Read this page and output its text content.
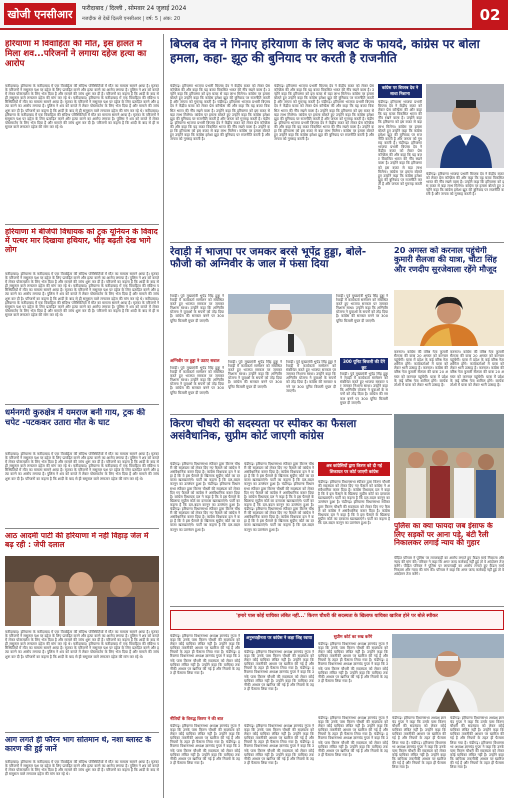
खोजी एनसीआर	फरीदाबाद / दिल्ली , सोमवार 24 जुलाई 2024
नजदीक से देखें दिल्ली एनसीआर | वर्ष: 5 | अंक: 20	02
हरियाणा में विवाहिता की मौत, इस हालत में मिला शव...परिजनों ने लगाया दहेज हत्या का आरोप
फरीदाबाद। हरियाणा के फरीदाबाद में एक विवाहिता की संदिग्ध परिस्थितियों में मौत का मामला सामने आया है। मृतका के परिजनों ने ससुराल पक्ष पर दहेज के लिए प्रताड़ित करने और हत्या करने का आरोप लगाया है। पुलिस ने शव को कब्जे में लेकर पोस्टमार्टम के लिए भेज दिया है और मामले की जांच शुरू कर दी है। परिजनों का कहना है कि शादी के बाद से ही ससुराल वाले लगातार दहेज की मांग कर रहे थे। फरीदाबाद। हरियाणा के फरीदाबाद में एक विवाहिता की संदिग्ध परिस्थितियों में मौत का मामला सामने आया है। मृतका के परिजनों ने ससुराल पक्ष पर दहेज के लिए प्रताड़ित करने और हत्या करने का आरोप लगाया है। पुलिस ने शव को कब्जे में लेकर पोस्टमार्टम के लिए भेज दिया है और मामले की जांच शुरू कर दी है। परिजनों का कहना है कि शादी के बाद से ही ससुराल वाले लगातार दहेज की मांग कर रहे थे। फरीदाबाद। हरियाणा के फरीदाबाद में एक विवाहिता की संदिग्ध परिस्थितियों में मौत का मामला सामने आया है। मृतका के परिजनों ने ससुराल पक्ष पर दहेज के लिए प्रताड़ित करने और हत्या करने का आरोप लगाया है। पुलिस ने शव को कब्जे में लेकर पोस्टमार्टम के लिए भेज दिया है और मामले की जांच शुरू कर दी है। परिजनों का कहना है कि शादी के बाद से ही ससुराल वाले लगातार दहेज की मांग कर रहे थे।
हरियाणा में बीजेपी विधायक को ट्रक यूनियन के विवाद में पत्थर मार दिखाया हथियार, भीड़ बढ़ती देख भागे लोग
फरीदाबाद। हरियाणा के फरीदाबाद में एक विवाहिता की संदिग्ध परिस्थितियों में मौत का मामला सामने आया है। मृतका के परिजनों ने ससुराल पक्ष पर दहेज के लिए प्रताड़ित करने और हत्या करने का आरोप लगाया है। पुलिस ने शव को कब्जे में लेकर पोस्टमार्टम के लिए भेज दिया है और मामले की जांच शुरू कर दी है। परिजनों का कहना है कि शादी के बाद से ही ससुराल वाले लगातार दहेज की मांग कर रहे थे। फरीदाबाद। हरियाणा के फरीदाबाद में एक विवाहिता की संदिग्ध परिस्थितियों में मौत का मामला सामने आया है। मृतका के परिजनों ने ससुराल पक्ष पर दहेज के लिए प्रताड़ित करने और हत्या करने का आरोप लगाया है। पुलिस ने शव को कब्जे में लेकर पोस्टमार्टम के लिए भेज दिया है और मामले की जांच शुरू कर दी है। परिजनों का कहना है कि शादी के बाद से ही ससुराल वाले लगातार दहेज की मांग कर रहे थे। फरीदाबाद। हरियाणा के फरीदाबाद में एक विवाहिता की संदिग्ध परिस्थितियों में मौत का मामला सामने आया है। मृतका के परिजनों ने ससुराल पक्ष पर दहेज के लिए प्रताड़ित करने और हत्या करने का आरोप लगाया है। पुलिस ने शव को कब्जे में लेकर पोस्टमार्टम के लिए भेज दिया है और मामले की जांच शुरू कर दी है। परिजनों का कहना है कि शादी के बाद से ही ससुराल वाले लगातार दहेज की मांग कर रहे थे।
धर्मनगरी कुरुक्षेत्र में यमराज बनी गाय, ट्रक की चपेट -पटककर उतारा मौत के घाट
फरीदाबाद। हरियाणा के फरीदाबाद में एक विवाहिता की संदिग्ध परिस्थितियों में मौत का मामला सामने आया है। मृतका के परिजनों ने ससुराल पक्ष पर दहेज के लिए प्रताड़ित करने और हत्या करने का आरोप लगाया है। पुलिस ने शव को कब्जे में लेकर पोस्टमार्टम के लिए भेज दिया है और मामले की जांच शुरू कर दी है। परिजनों का कहना है कि शादी के बाद से ही ससुराल वाले लगातार दहेज की मांग कर रहे थे। फरीदाबाद। हरियाणा के फरीदाबाद में एक विवाहिता की संदिग्ध परिस्थितियों में मौत का मामला सामने आया है। मृतका के परिजनों ने ससुराल पक्ष पर दहेज के लिए प्रताड़ित करने और हत्या करने का आरोप लगाया है। पुलिस ने शव को कब्जे में लेकर पोस्टमार्टम के लिए भेज दिया है और मामले की जांच शुरू कर दी है। परिजनों का कहना है कि शादी के बाद से ही ससुराल वाले लगातार दहेज की मांग कर रहे थे।
आठ आदमी पार्टी की हरियाणा में नहीं विहाड़ जेल में बढ़ रही : जेपी दलाल
फरीदाबाद। हरियाणा के फरीदाबाद में एक विवाहिता की संदिग्ध परिस्थितियों में मौत का मामला सामने आया है। मृतका के परिजनों ने ससुराल पक्ष पर दहेज के लिए प्रताड़ित करने और हत्या करने का आरोप लगाया है। पुलिस ने शव को कब्जे में लेकर पोस्टमार्टम के लिए भेज दिया है और मामले की जांच शुरू कर दी है। परिजनों का कहना है कि शादी के बाद से ही ससुराल वाले लगातार दहेज की मांग कर रहे थे। फरीदाबाद। हरियाणा के फरीदाबाद में एक विवाहिता की संदिग्ध परिस्थितियों में मौत का मामला सामने आया है। मृतका के परिजनों ने ससुराल पक्ष पर दहेज के लिए प्रताड़ित करने और हत्या करने का आरोप लगाया है। पुलिस ने शव को कब्जे में लेकर पोस्टमार्टम के लिए भेज दिया है और मामले की जांच शुरू कर दी है। परिजनों का कहना है कि शादी के बाद से ही ससुराल वाले लगातार दहेज की मांग कर रहे थे।
आग लगते ही फौरन भाग सोतमान थे, नशा ब्लास्ट के कारण की हुई जानें
फरीदाबाद। हरियाणा के फरीदाबाद में एक विवाहिता की संदिग्ध परिस्थितियों में मौत का मामला सामने आया है। मृतका के परिजनों ने ससुराल पक्ष पर दहेज के लिए प्रताड़ित करने और हत्या करने का आरोप लगाया है। पुलिस ने शव को कब्जे में लेकर पोस्टमार्टम के लिए भेज दिया है और मामले की जांच शुरू कर दी है। परिजनों का कहना है कि शादी के बाद से ही ससुराल वाले लगातार दहेज की मांग कर रहे थे।
बिप्लब देव ने गिनाए हरियाणा के लिए बजट के फायदे, कांग्रेस पर बोला हमला, कहा- झूठ की बुनियाद पर करती है राजनीति
चंडीगढ़। हरियाणा भाजपा प्रभारी बिप्लब देव ने केंद्रीय बजट को लेकर प्रेस कॉन्फ्रेंस की और कहा कि यह बजट विकसित भारत की नींव रखने वाला है। उन्होंने कहा कि हरियाणा को इस बजट से बड़ा लाभ मिलेगा। कांग्रेस पर हमला बोलते हुए उन्होंने कहा कि कांग्रेस हमेशा झूठ की बुनियाद पर राजनीति करती है और जनता को गुमराह करती है। चंडीगढ़। हरियाणा भाजपा प्रभारी बिप्लब देव ने केंद्रीय बजट को लेकर प्रेस कॉन्फ्रेंस की और कहा कि यह बजट विकसित भारत की नींव रखने वाला है। उन्होंने कहा कि हरियाणा को इस बजट से बड़ा लाभ मिलेगा। कांग्रेस पर हमला बोलते हुए उन्होंने कहा कि कांग्रेस हमेशा झूठ की बुनियाद पर राजनीति करती है और जनता को गुमराह करती है। चंडीगढ़। हरियाणा भाजपा प्रभारी बिप्लब देव ने केंद्रीय बजट को लेकर प्रेस कॉन्फ्रेंस की और कहा कि यह बजट विकसित भारत की नींव रखने वाला है। उन्होंने कहा कि हरियाणा को इस बजट से बड़ा लाभ मिलेगा। कांग्रेस पर हमला बोलते हुए उन्होंने कहा कि कांग्रेस हमेशा झूठ की बुनियाद पर राजनीति करती है और जनता को गुमराह करती है।
चंडीगढ़। हरियाणा भाजपा प्रभारी बिप्लब देव ने केंद्रीय बजट को लेकर प्रेस कॉन्फ्रेंस की और कहा कि यह बजट विकसित भारत की नींव रखने वाला है। उन्होंने कहा कि हरियाणा को इस बजट से बड़ा लाभ मिलेगा। कांग्रेस पर हमला बोलते हुए उन्होंने कहा कि कांग्रेस हमेशा झूठ की बुनियाद पर राजनीति करती है और जनता को गुमराह करती है। चंडीगढ़। हरियाणा भाजपा प्रभारी बिप्लब देव ने केंद्रीय बजट को लेकर प्रेस कॉन्फ्रेंस की और कहा कि यह बजट विकसित भारत की नींव रखने वाला है। उन्होंने कहा कि हरियाणा को इस बजट से बड़ा लाभ मिलेगा। कांग्रेस पर हमला बोलते हुए उन्होंने कहा कि कांग्रेस हमेशा झूठ की बुनियाद पर राजनीति करती है और जनता को गुमराह करती है। चंडीगढ़। हरियाणा भाजपा प्रभारी बिप्लब देव ने केंद्रीय बजट को लेकर प्रेस कॉन्फ्रेंस की और कहा कि यह बजट विकसित भारत की नींव रखने वाला है। उन्होंने कहा कि हरियाणा को इस बजट से बड़ा लाभ मिलेगा। कांग्रेस पर हमला बोलते हुए उन्होंने कहा कि कांग्रेस हमेशा झूठ की बुनियाद पर राजनीति करती है और जनता को गुमराह करती है।
कांग्रेस पर बिप्लब देव ने साधा निशाना
चंडीगढ़। हरियाणा भाजपा प्रभारी बिप्लब देव ने केंद्रीय बजट को लेकर प्रेस कॉन्फ्रेंस की और कहा कि यह बजट विकसित भारत की नींव रखने वाला है। उन्होंने कहा कि हरियाणा को इस बजट से बड़ा लाभ मिलेगा। कांग्रेस पर हमला बोलते हुए उन्होंने कहा कि कांग्रेस हमेशा झूठ की बुनियाद पर राजनीति करती है और जनता को गुमराह करती है। चंडीगढ़। हरियाणा भाजपा प्रभारी बिप्लब देव ने केंद्रीय बजट को लेकर प्रेस कॉन्फ्रेंस की और कहा कि यह बजट विकसित भारत की नींव रखने वाला है। उन्होंने कहा कि हरियाणा को इस बजट से बड़ा लाभ मिलेगा। कांग्रेस पर हमला बोलते हुए उन्होंने कहा कि कांग्रेस हमेशा झूठ की बुनियाद पर राजनीति करती है और जनता को गुमराह करती है।
चंडीगढ़। हरियाणा भाजपा प्रभारी बिप्लब देव ने केंद्रीय बजट को लेकर प्रेस कॉन्फ्रेंस की और कहा कि यह बजट विकसित भारत की नींव रखने वाला है। उन्होंने कहा कि हरियाणा को इस बजट से बड़ा लाभ मिलेगा। कांग्रेस पर हमला बोलते हुए उन्होंने कहा कि कांग्रेस हमेशा झूठ की बुनियाद पर राजनीति करती है और जनता को गुमराह करती है।
रेवाड़ी में भाजपा पर जमकर बरसे भूपेंद्र हुड्डा, बोले- फौजी को अग्निवीर के जाल में फंसा दिया
रेवाड़ी। पूर्व मुख्यमंत्री भूपेंद्र सिंह हुड्डा ने रेवाड़ी में कार्यकर्ता सम्मेलन को संबोधित करते हुए भाजपा सरकार पर जमकर निशाना साधा। उन्होंने कहा कि अग्निवीर योजना ने युवाओं के सपनों को तोड़ दिया है। कांग्रेस की सरकार बनने पर 300 यूनिट बिजली मुफ्त दी जाएगी।
रेवाड़ी। पूर्व मुख्यमंत्री भूपेंद्र सिंह हुड्डा ने रेवाड़ी में कार्यकर्ता सम्मेलन को संबोधित करते हुए भाजपा सरकार पर जमकर निशाना साधा। उन्होंने कहा कि अग्निवीर योजना ने युवाओं के सपनों को तोड़ दिया है। कांग्रेस की सरकार बनने पर 300 यूनिट बिजली मुफ्त दी जाएगी।
अग्निवीर पर हुड्डा ने उठाए सवाल
रेवाड़ी। पूर्व मुख्यमंत्री भूपेंद्र सिंह हुड्डा ने रेवाड़ी में कार्यकर्ता सम्मेलन को संबोधित करते हुए भाजपा सरकार पर जमकर निशाना साधा। उन्होंने कहा कि अग्निवीर योजना ने युवाओं के सपनों को तोड़ दिया है। कांग्रेस की सरकार बनने पर 300 यूनिट बिजली मुफ्त दी जाएगी।
रेवाड़ी। पूर्व मुख्यमंत्री भूपेंद्र सिंह हुड्डा ने रेवाड़ी में कार्यकर्ता सम्मेलन को संबोधित करते हुए भाजपा सरकार पर जमकर निशाना साधा। उन्होंने कहा कि अग्निवीर योजना ने युवाओं के सपनों को तोड़ दिया है। कांग्रेस की सरकार बनने पर 300 यूनिट बिजली मुफ्त दी जाएगी।
रेवाड़ी। पूर्व मुख्यमंत्री भूपेंद्र सिंह हुड्डा ने रेवाड़ी में कार्यकर्ता सम्मेलन को संबोधित करते हुए भाजपा सरकार पर जमकर निशाना साधा। उन्होंने कहा कि अग्निवीर योजना ने युवाओं के सपनों को तोड़ दिया है। कांग्रेस की सरकार बनने पर 300 यूनिट बिजली मुफ्त दी जाएगी।
300 यूनिट बिजली की देंगे छूट
रेवाड़ी। पूर्व मुख्यमंत्री भूपेंद्र सिंह हुड्डा ने रेवाड़ी में कार्यकर्ता सम्मेलन को संबोधित करते हुए भाजपा सरकार पर जमकर निशाना साधा। उन्होंने कहा कि अग्निवीर योजना ने युवाओं के सपनों को तोड़ दिया है। कांग्रेस की सरकार बनने पर 300 यूनिट बिजली मुफ्त दी जाएगी।
20 अगस्त को करनाल पहुंचेगी कुमारी सैलजा की यात्रा, चौटा सिंह और रणदीप सुरजेवाला रहेंगे मौजूद
करनाल। कांग्रेस की वरिष्ठ नेता कुमारी सैलजा की यात्रा 20 अगस्त को करनाल पहुंचेगी। यात्रा में प्रदेश के कई वरिष्ठ नेता शामिल होंगे। कार्यकर्ताओं में यात्रा को लेकर भारी उत्साह है। करनाल। कांग्रेस की वरिष्ठ नेता कुमारी सैलजा की यात्रा 20 अगस्त को करनाल पहुंचेगी। यात्रा में प्रदेश के कई वरिष्ठ नेता शामिल होंगे। कार्यकर्ताओं में यात्रा को लेकर भारी उत्साह है।
करनाल। कांग्रेस की वरिष्ठ नेता कुमारी सैलजा की यात्रा 20 अगस्त को करनाल पहुंचेगी। यात्रा में प्रदेश के कई वरिष्ठ नेता शामिल होंगे। कार्यकर्ताओं में यात्रा को लेकर भारी उत्साह है। करनाल। कांग्रेस की वरिष्ठ नेता कुमारी सैलजा की यात्रा 20 अगस्त को करनाल पहुंचेगी। यात्रा में प्रदेश के कई वरिष्ठ नेता शामिल होंगे। कार्यकर्ताओं में यात्रा को लेकर भारी उत्साह है।
किरण चौधरी की सदस्यता पर स्पीकर का फैसला असंवैधानिक, सुप्रीम कोर्ट जाएगी कांग्रेस
चंडीगढ़। हरियाणा विधानसभा स्पीकर द्वारा किरण चौधरी की सदस्यता को लेकर दिए गए फैसले को कांग्रेस ने असंवैधानिक करार दिया है। कांग्रेस विधायक दल ने कहा है कि वे इस फैसले के खिलाफ सुप्रीम कोर्ट का दरवाजा खटखटाएंगे। पार्टी का कहना है कि दल-बदल कानून का उल्लंघन हुआ है। चंडीगढ़। हरियाणा विधानसभा स्पीकर द्वारा किरण चौधरी की सदस्यता को लेकर दिए गए फैसले को कांग्रेस ने असंवैधानिक करार दिया है। कांग्रेस विधायक दल ने कहा है कि वे इस फैसले के खिलाफ सुप्रीम कोर्ट का दरवाजा खटखटाएंगे। पार्टी का कहना है कि दल-बदल कानून का उल्लंघन हुआ है। चंडीगढ़। हरियाणा विधानसभा स्पीकर द्वारा किरण चौधरी की सदस्यता को लेकर दिए गए फैसले को कांग्रेस ने असंवैधानिक करार दिया है। कांग्रेस विधायक दल ने कहा है कि वे इस फैसले के खिलाफ सुप्रीम कोर्ट का दरवाजा खटखटाएंगे। पार्टी का कहना है कि दल-बदल कानून का उल्लंघन हुआ है।
चंडीगढ़। हरियाणा विधानसभा स्पीकर द्वारा किरण चौधरी की सदस्यता को लेकर दिए गए फैसले को कांग्रेस ने असंवैधानिक करार दिया है। कांग्रेस विधायक दल ने कहा है कि वे इस फैसले के खिलाफ सुप्रीम कोर्ट का दरवाजा खटखटाएंगे। पार्टी का कहना है कि दल-बदल कानून का उल्लंघन हुआ है। चंडीगढ़। हरियाणा विधानसभा स्पीकर द्वारा किरण चौधरी की सदस्यता को लेकर दिए गए फैसले को कांग्रेस ने असंवैधानिक करार दिया है। कांग्रेस विधायक दल ने कहा है कि वे इस फैसले के खिलाफ सुप्रीम कोर्ट का दरवाजा खटखटाएंगे। पार्टी का कहना है कि दल-बदल कानून का उल्लंघन हुआ है। चंडीगढ़। हरियाणा विधानसभा स्पीकर द्वारा किरण चौधरी की सदस्यता को लेकर दिए गए फैसले को कांग्रेस ने असंवैधानिक करार दिया है। कांग्रेस विधायक दल ने कहा है कि वे इस फैसले के खिलाफ सुप्रीम कोर्ट का दरवाजा खटखटाएंगे। पार्टी का कहना है कि दल-बदल कानून का उल्लंघन हुआ है।
अब कांग्रेसियों द्वारा किरण को दी गई शिकायत पर कोर्ट जाएगी कांग्रेस
चंडीगढ़। हरियाणा विधानसभा स्पीकर द्वारा किरण चौधरी की सदस्यता को लेकर दिए गए फैसले को कांग्रेस ने असंवैधानिक करार दिया है। कांग्रेस विधायक दल ने कहा है कि वे इस फैसले के खिलाफ सुप्रीम कोर्ट का दरवाजा खटखटाएंगे। पार्टी का कहना है कि दल-बदल कानून का उल्लंघन हुआ है। चंडीगढ़। हरियाणा विधानसभा स्पीकर द्वारा किरण चौधरी की सदस्यता को लेकर दिए गए फैसले को कांग्रेस ने असंवैधानिक करार दिया है। कांग्रेस विधायक दल ने कहा है कि वे इस फैसले के खिलाफ सुप्रीम कोर्ट का दरवाजा खटखटाएंगे। पार्टी का कहना है कि दल-बदल कानून का उल्लंघन हुआ है।	पुलिस का क्या फायदा जब इंसाफ के लिए सड़कों पर आना पड़े, बंटी रैली निकालकर लगाई न्याय की गुहार
पीड़ित परिवार ने पुलिस पर लापरवाही का आरोप लगाते हुए कैंडल मार्च निकाला और न्याय की मांग की। परिवार ने कहा कि अगर जल्द कार्रवाई नहीं हुई तो वे आंदोलन तेज करेंगे। पीड़ित परिवार ने पुलिस पर लापरवाही का आरोप लगाते हुए कैंडल मार्च निकाला और न्याय की मांग की। परिवार ने कहा कि अगर जल्द कार्रवाई नहीं हुई तो वे आंदोलन तेज करेंगे।
'हमारे पास कोई याचिका लंबित नहीं...' किरण चौधरी की सदस्यता के खिलाफ याचिका खारिज होने पर बोले स्पीकर
चंडीगढ़। हरियाणा विधानसभा अध्यक्ष ज्ञानचंद गुप्ता ने कहा कि उनके पास किरण चौधरी की सदस्यता को लेकर कोई याचिका लंबित नहीं है। उन्होंने कहा कि याचिका तकनीकी आधार पर खारिज की गई है और नियमों के तहत ही फैसला लिया गया है। चंडीगढ़। हरियाणा विधानसभा अध्यक्ष ज्ञानचंद गुप्ता ने कहा कि उनके पास किरण चौधरी की सदस्यता को लेकर कोई याचिका लंबित नहीं है। उन्होंने कहा कि याचिका तकनीकी आधार पर खारिज की गई है और नियमों के तहत ही फैसला लिया गया है।
अनुभवहीनता पर कांग्रेस ने कहा जिद्द रवाया
चंडीगढ़। हरियाणा विधानसभा अध्यक्ष ज्ञानचंद गुप्ता ने कहा कि उनके पास किरण चौधरी की सदस्यता को लेकर कोई याचिका लंबित नहीं है। उन्होंने कहा कि याचिका तकनीकी आधार पर खारिज की गई है और नियमों के तहत ही फैसला लिया गया है। चंडीगढ़। हरियाणा विधानसभा अध्यक्ष ज्ञानचंद गुप्ता ने कहा कि उनके पास किरण चौधरी की सदस्यता को लेकर कोई याचिका लंबित नहीं है। उन्होंने कहा कि याचिका तकनीकी आधार पर खारिज की गई है और नियमों के तहत ही फैसला लिया गया है।
सुप्रीम कोर्ट का रुख करेंगे
चंडीगढ़। हरियाणा विधानसभा अध्यक्ष ज्ञानचंद गुप्ता ने कहा कि उनके पास किरण चौधरी की सदस्यता को लेकर कोई याचिका लंबित नहीं है। उन्होंने कहा कि याचिका तकनीकी आधार पर खारिज की गई है और नियमों के तहत ही फैसला लिया गया है। चंडीगढ़। हरियाणा विधानसभा अध्यक्ष ज्ञानचंद गुप्ता ने कहा कि उनके पास किरण चौधरी की सदस्यता को लेकर कोई याचिका लंबित नहीं है। उन्होंने कहा कि याचिका तकनीकी आधार पर खारिज की गई है और नियमों के तहत ही फैसला लिया गया है।
नीतियों के विरुद्ध किरण ने की बात
चंडीगढ़। हरियाणा विधानसभा अध्यक्ष ज्ञानचंद गुप्ता ने कहा कि उनके पास किरण चौधरी की सदस्यता को लेकर कोई याचिका लंबित नहीं है। उन्होंने कहा कि याचिका तकनीकी आधार पर खारिज की गई है और नियमों के तहत ही फैसला लिया गया है। चंडीगढ़। हरियाणा विधानसभा अध्यक्ष ज्ञानचंद गुप्ता ने कहा कि उनके पास किरण चौधरी की सदस्यता को लेकर कोई याचिका लंबित नहीं है। उन्होंने कहा कि याचिका तकनीकी आधार पर खारिज की गई है और नियमों के तहत ही फैसला लिया गया है।
चंडीगढ़। हरियाणा विधानसभा अध्यक्ष ज्ञानचंद गुप्ता ने कहा कि उनके पास किरण चौधरी की सदस्यता को लेकर कोई याचिका लंबित नहीं है। उन्होंने कहा कि याचिका तकनीकी आधार पर खारिज की गई है और नियमों के तहत ही फैसला लिया गया है। चंडीगढ़। हरियाणा विधानसभा अध्यक्ष ज्ञानचंद गुप्ता ने कहा कि उनके पास किरण चौधरी की सदस्यता को लेकर कोई याचिका लंबित नहीं है। उन्होंने कहा कि याचिका तकनीकी आधार पर खारिज की गई है और नियमों के तहत ही फैसला लिया गया है।
चंडीगढ़। हरियाणा विधानसभा अध्यक्ष ज्ञानचंद गुप्ता ने कहा कि उनके पास किरण चौधरी की सदस्यता को लेकर कोई याचिका लंबित नहीं है। उन्होंने कहा कि याचिका तकनीकी आधार पर खारिज की गई है और नियमों के तहत ही फैसला लिया गया है। चंडीगढ़। हरियाणा विधानसभा अध्यक्ष ज्ञानचंद गुप्ता ने कहा कि उनके पास किरण चौधरी की सदस्यता को लेकर कोई याचिका लंबित नहीं है। उन्होंने कहा कि याचिका तकनीकी आधार पर खारिज की गई है और नियमों के तहत ही फैसला लिया गया है।
चंडीगढ़। हरियाणा विधानसभा अध्यक्ष ज्ञानचंद गुप्ता ने कहा कि उनके पास किरण चौधरी की सदस्यता को लेकर कोई याचिका लंबित नहीं है। उन्होंने कहा कि याचिका तकनीकी आधार पर खारिज की गई है और नियमों के तहत ही फैसला लिया गया है। चंडीगढ़। हरियाणा विधानसभा अध्यक्ष ज्ञानचंद गुप्ता ने कहा कि उनके पास किरण चौधरी की सदस्यता को लेकर कोई याचिका लंबित नहीं है। उन्होंने कहा कि याचिका तकनीकी आधार पर खारिज की गई है और नियमों के तहत ही फैसला लिया गया है।
चंडीगढ़। हरियाणा विधानसभा अध्यक्ष ज्ञानचंद गुप्ता ने कहा कि उनके पास किरण चौधरी की सदस्यता को लेकर कोई याचिका लंबित नहीं है। उन्होंने कहा कि याचिका तकनीकी आधार पर खारिज की गई है और नियमों के तहत ही फैसला लिया गया है। चंडीगढ़। हरियाणा विधानसभा अध्यक्ष ज्ञानचंद गुप्ता ने कहा कि उनके पास किरण चौधरी की सदस्यता को लेकर कोई याचिका लंबित नहीं है। उन्होंने कहा कि याचिका तकनीकी आधार पर खारिज की गई है और नियमों के तहत ही फैसला लिया गया है।
